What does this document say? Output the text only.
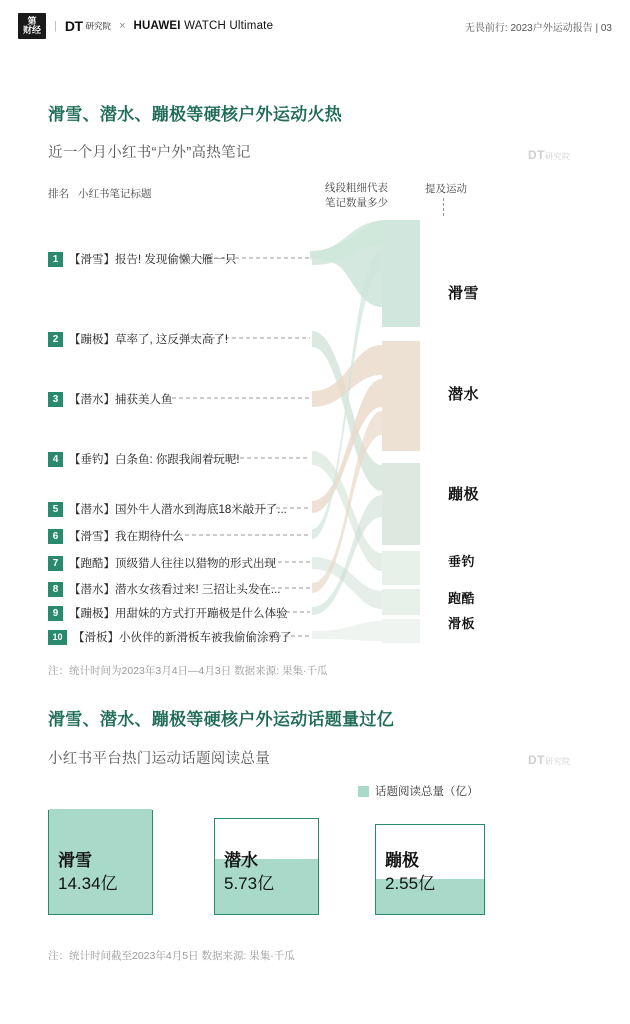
第
财经 | DT 研究院 × HUAWEI WATCH Ultimate	无畏前行: 2023户外运动报告 | 03
滑雪、潜水、蹦极等硬核户外运动火热
近一个月小红书“户外”高热笔记	DT研究院
排名 小红书笔记标题	线段粗细代表
笔记数量多少
提及运动
1 【滑雪】报告! 发现偷懒大雁一只
2 【蹦极】草率了, 这反弹太高了!
3 【潜水】捕获美人鱼
4 【垂钓】白条鱼: 你跟我闹着玩呢!
5 【潜水】国外牛人潜水到海底18米敲开了...
6 【滑雪】我在期待什么
7 【跑酷】顶级猎人往往以猎物的形式出现
8 【潜水】潜水女孩看过来! 三招让头发在...
9 【蹦极】用甜妹的方式打开蹦极是什么体验
10 【滑板】小伙伴的新滑板车被我偷偷涂鸦了
滑雪
潜水
蹦极
垂钓
跑酷
滑板
注：统计时间为2023年3月4日—4月3日 数据来源: 果集·千瓜
滑雪、潜水、蹦极等硬核户外运动话题量过亿
小红书平台热门运动话题阅读总量	DT研究院
话题阅读总量（亿）
滑雪
14.34亿
潜水
5.73亿
蹦极
2.55亿
注：统计时间截至2023年4月5日 数据来源: 果集·千瓜
